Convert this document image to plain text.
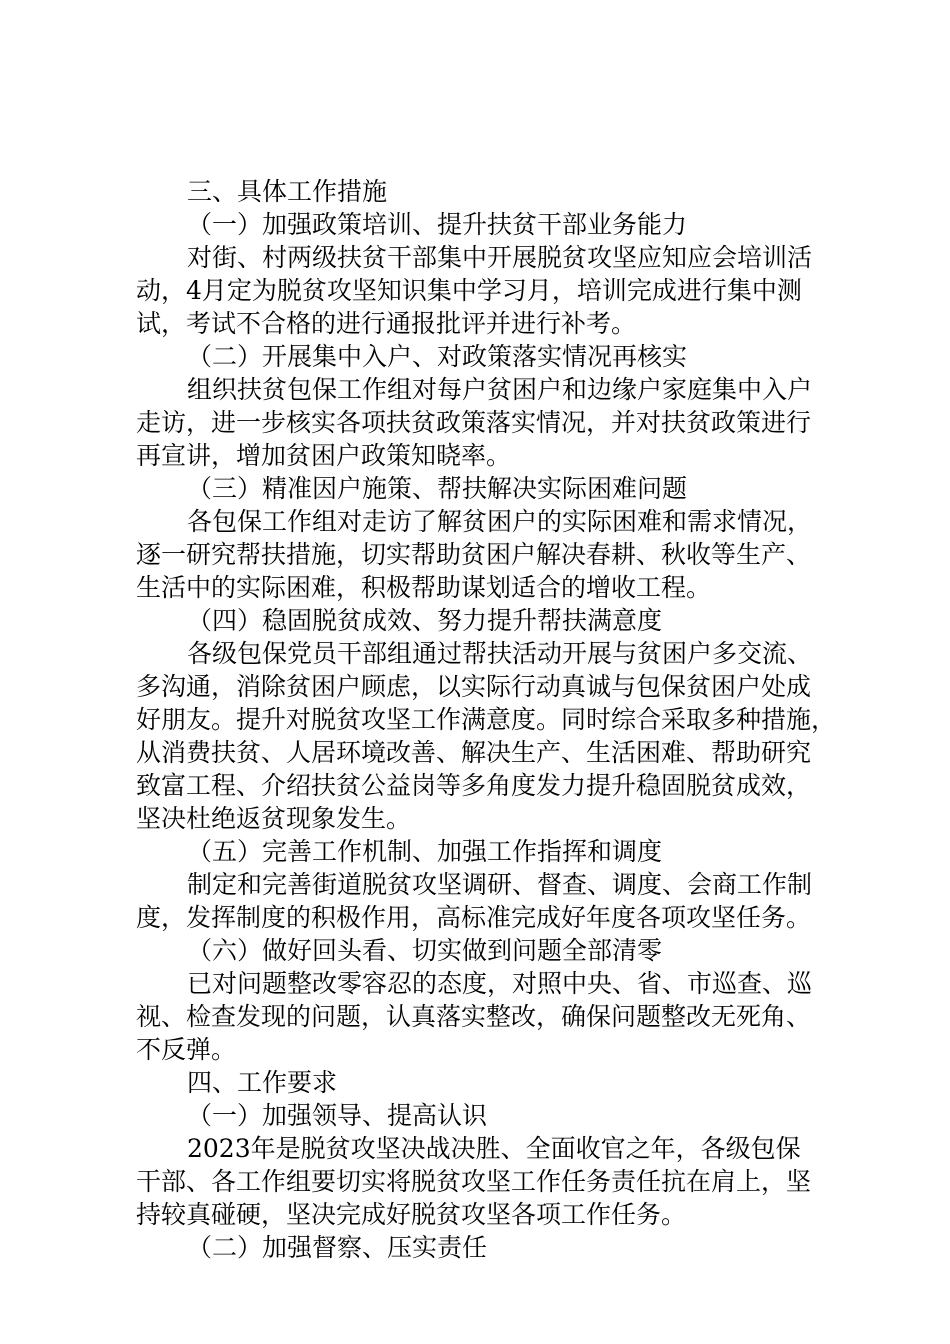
三、具体工作措施
（一）加强政策培训、提升扶贫干部业务能力
对街、村两级扶贫干部集中开展脱贫攻坚应知应会培训活
动，4月定为脱贫攻坚知识集中学习月，培训完成进行集中测
试，考试不合格的进行通报批评并进行补考。
（二）开展集中入户、对政策落实情况再核实
组织扶贫包保工作组对每户贫困户和边缘户家庭集中入户
走访，进一步核实各项扶贫政策落实情况，并对扶贫政策进行
再宣讲，增加贫困户政策知晓率。
（三）精准因户施策、帮扶解决实际困难问题
各包保工作组对走访了解贫困户的实际困难和需求情况，
逐一研究帮扶措施，切实帮助贫困户解决春耕、秋收等生产、
生活中的实际困难，积极帮助谋划适合的增收工程。
（四）稳固脱贫成效、努力提升帮扶满意度
各级包保党员干部组通过帮扶活动开展与贫困户多交流、
多沟通，消除贫困户顾虑，以实际行动真诚与包保贫困户处成
好朋友。提升对脱贫攻坚工作满意度。同时综合采取多种措施，
从消费扶贫、人居环境改善、解决生产、生活困难、帮助研究
致富工程、介绍扶贫公益岗等多角度发力提升稳固脱贫成效，
坚决杜绝返贫现象发生。
（五）完善工作机制、加强工作指挥和调度
制定和完善街道脱贫攻坚调研、督查、调度、会商工作制
度，发挥制度的积极作用，高标准完成好年度各项攻坚任务。
（六）做好回头看、切实做到问题全部清零
已对问题整改零容忍的态度，对照中央、省、市巡查、巡
视、检查发现的问题，认真落实整改，确保问题整改无死角、
不反弹。
四、工作要求
（一）加强领导、提高认识
2023年是脱贫攻坚决战决胜、全面收官之年，各级包保
干部、各工作组要切实将脱贫攻坚工作任务责任抗在肩上，坚
持较真碰硬，坚决完成好脱贫攻坚各项工作任务。
（二）加强督察、压实责任
